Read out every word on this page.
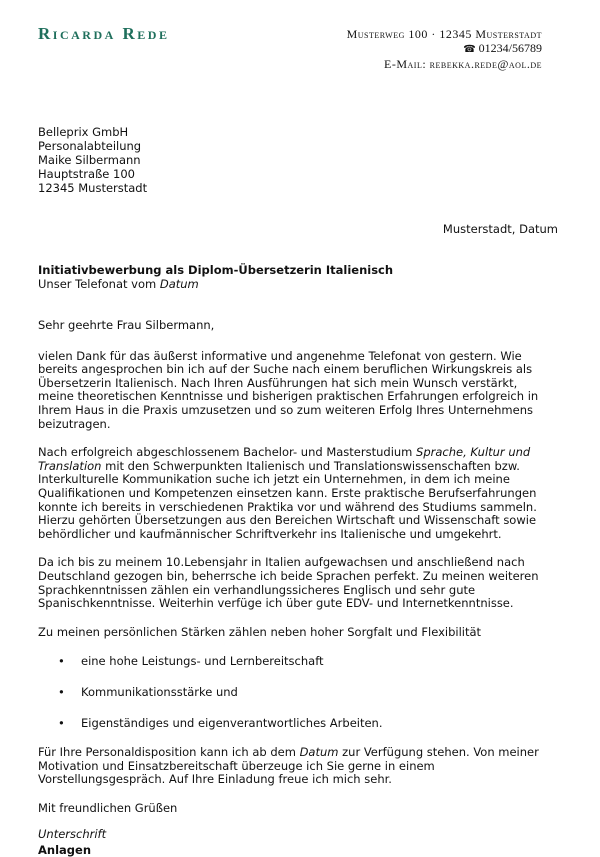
Ricarda Rede	Musterweg 100 · 12345 Musterstadt
☎ 01234/56789
E-Mail: rebekka.rede@aol.de
Belleprix GmbH
Personalabteilung
Maike Silbermann
Hauptstraße 100
12345 Musterstadt
Musterstadt, Datum
Initiativbewerbung als Diplom-Übersetzerin Italienisch
Unser Telefonat vom Datum

Sehr geehrte Frau Silbermann,

vielen Dank für das äußerst informative und angenehme Telefonat von gestern. Wie bereits angesprochen bin ich auf der Suche nach einem beruflichen Wirkungskreis als Übersetzerin Italienisch. Nach Ihren Ausführungen hat sich mein Wunsch verstärkt, meine theoretischen Kenntnisse und bisherigen praktischen Erfahrungen erfolgreich in Ihrem Haus in die Praxis umzusetzen und so zum weiteren Erfolg Ihres Unternehmens beizutragen.

Nach erfolgreich abgeschlossenem Bachelor- und Masterstudium Sprache, Kultur und Translation mit den Schwerpunkten Italienisch und Translationswissenschaften bzw. Interkulturelle Kommunikation suche ich jetzt ein Unternehmen, in dem ich meine Qualifikationen und Kompetenzen einsetzen kann. Erste praktische Berufserfahrungen konnte ich bereits in verschiedenen Praktika vor und während des Studiums sammeln. Hierzu gehörten Übersetzungen aus den Bereichen Wirtschaft und Wissenschaft sowie behördlicher und kaufmännischer Schriftverkehr ins Italienische und umgekehrt.

Da ich bis zu meinem 10.Lebensjahr in Italien aufgewachsen und anschließend nach Deutschland gezogen bin, beherrsche ich beide Sprachen perfekt. Zu meinen weiteren Sprachkenntnissen zählen ein verhandlungssicheres Englisch und sehr gute Spanischkenntnisse. Weiterhin verfüge ich über gute EDV- und Internetkenntnisse.

Zu meinen persönlichen Stärken zählen neben hoher Sorgfalt und Flexibilität

• eine hohe Leistungs- und Lernbereitschaft
• Kommunikationsstärke und
• Eigenständiges und eigenverantwortliches Arbeiten.

Für Ihre Personaldisposition kann ich ab dem Datum zur Verfügung stehen. Von meiner Motivation und Einsatzbereitschaft überzeuge ich Sie gerne in einem Vorstellungsgespräch. Auf Ihre Einladung freue ich mich sehr.

Mit freundlichen Grüßen

Unterschrift

Anlagen
